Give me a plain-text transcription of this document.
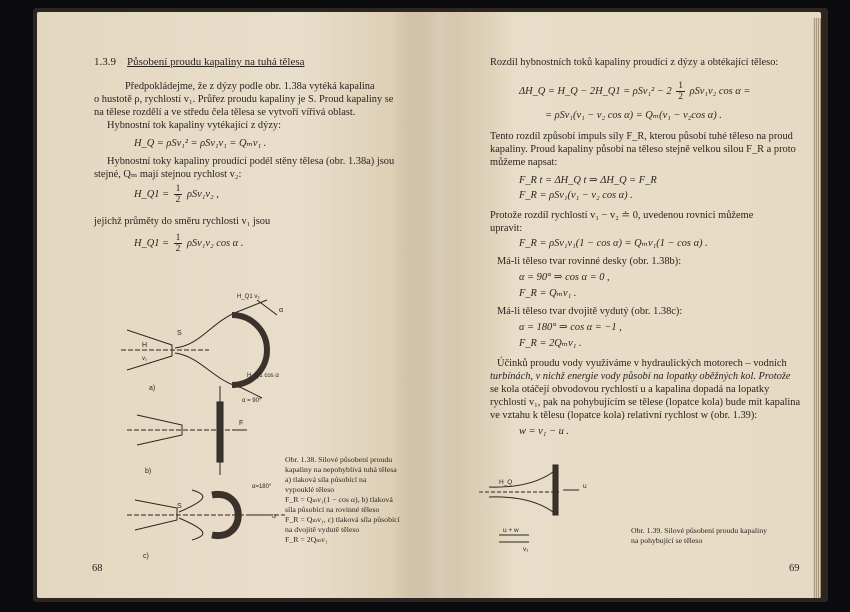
1.3.9 Působení proudu kapaliny na tuhá tělesa
Předpokládejme, že z dýzy podle obr. 1.38a vytéká kapalina
o hustotě ρ, rychlostí v₁. Průřez proudu kapaliny je S. Proud kapaliny se
na tělese rozdělí a ve středu čela tělesa se vytvoří vířivá oblast.
Hybnostní tok kapaliny vytékající z dýzy:
H_Q = ρSv₁² = ρSv₁v₁ = Qₘv₁ .
Hybnostní toky kapaliny proudící podél stěny tělesa (obr. 1.38a) jsou
stejné, Qₘ mají stejnou rychlost v₂:
H_Q1 = $\frac{1}{2} \rho Sv_1v_2$ ,
jejichž průměty do směru rychlosti v₁ jsou
H_Q1 = $\frac{1}{2} \rho Sv_1v_2$ cos α .
a)
b)
c)
α
H_Q1 cos α
α = 90°
α=180°
S
S
H
v₁
F
u
H_Q1 v₂
Obr. 1.38. Silové působení proudu
kapaliny na nepohyblivá tuhá tělesa
a) tlaková síla působící na
vypouklé těleso
F_R = Qₘv₁(1 − cos α), b) tlaková
síla působící na rovinné těleso
F_R = Qₘv₁, c) tlaková síla působící
na dvojitě vydutě těleso
F_R = 2Qₘv₁
68
Rozdíl hybnostních toků kapaliny proudící z dýzy a obtékající těleso:
ΔH_Q = H_Q − 2H_Q1 = $\rho Sv_1^2 - 2 \frac{1}{2} \rho Sv_1v_2$ cos α =
= ρSv₁(v₁ − v₂ cos α) = Qₘ(v₁ − v₂cos α) .
Tento rozdíl způsobí impuls síly F_R, kterou působí tuhé těleso na proud
kapaliny. Proud kapaliny působí na těleso stejně velkou silou F_R a proto
můžeme napsat:
F_R t = ΔH_Q t ⇒ ΔH_Q = F_R
F_R = ρSv₁(v₁ − v₂ cos α) .
Protože rozdíl rychlostí v₁ − v₂ ≐ 0, uvedenou rovnici můžeme
upravit:
F_R = ρSv₁v₁(1 − cos α) = Qₘv₁(1 − cos α) .
Má-li těleso tvar rovinné desky (obr. 1.38b):
α = 90° ⇒ cos α = 0 ,
F_R = Qₘv₁ .
Má-li těleso tvar dvojitě vydutý (obr. 1.38c):
α = 180° ⇒ cos α = −1 ,
F_R = 2Qₘv₁ .
Účinků proudu vody využíváme v hydraulických motorech – vodních
turbínách, v nichž energie vody působí na lopatky oběžných kol. Protože
se kola otáčejí obvodovou rychlostí u a kapalina dopadá na lopatky
rychlostí v₁, pak na pohybujícím se tělese (lopatce kola) bude mít kapalina
ve vztahu k tělesu (lopatce kola) relativní rychlost w (obr. 1.39):
w = v₁ − u .
u
H_Q
u + w
v₁
Obr. 1.39. Silové působení proudu kapaliny
na pohybující se těleso
69
